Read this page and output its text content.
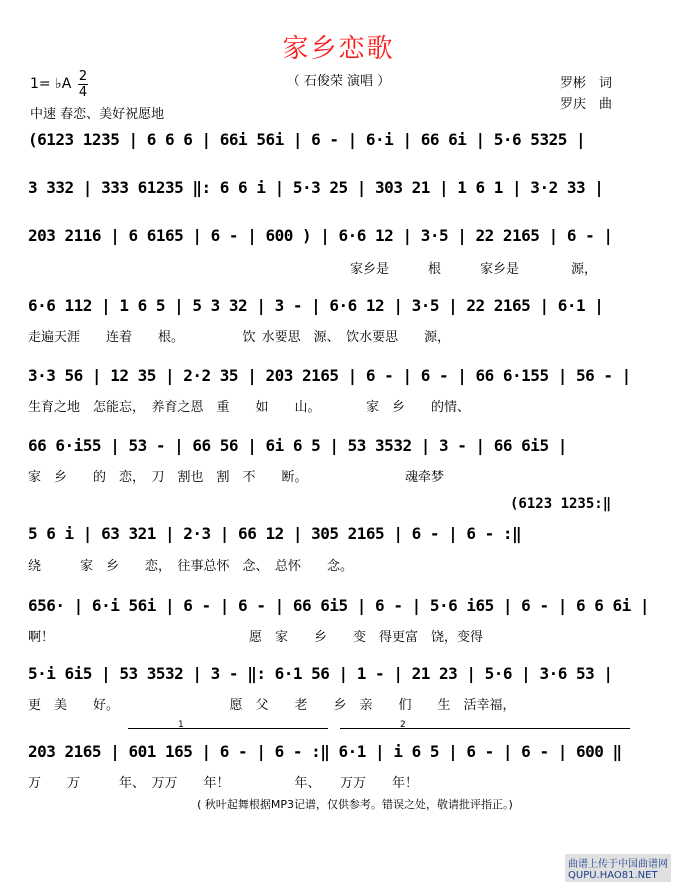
家乡恋歌
（ 石俊荣 演唱 ）	罗彬　词
罗庆　曲
1= ♭A 2
4
中速 春恋、美好祝愿地
(6123 1235 | 6 6 6 | 66i 56i | 6 - | 6·i | 66 6i | 5·6 5325 |
3 332 | 333 61235 ‖: 6 6 i | 5·3 25 | 303 21 | 1 6 1 | 3·2 33 |
203 2116 | 6 6165 | 6 - | 600 ) | 6·6 12 | 3·5 | 22 2165 | 6 - |
家乡是　　　根　　　家乡是　　　　源，
6·6 112 | 1 6 5 | 5 3 32 | 3 - | 6·6 12 | 3·5 | 22 2165 | 6·1 |
走遍天涯　　连着　　根。　　　　　饮 水要思　源、　饮水要思　　源，
3·3 56 | 12 35 | 2·2 35 | 203 2165 | 6 - | 6 - | 66 6·155 | 56 - |
生育之地　怎能忘，　养育之恩　重　　如　　山。　　　　家　乡　　的情、
66 6·i55 | 53 - | 66 56 | 6i 6 5 | 53 3532 | 3 - | 66 6i5 |
家　乡　　的　恋，　刀　割也　割　不　　断。　　　　　　　　魂牵梦
(6123 1235:‖
5 6 i | 63 321 | 2·3 | 66 12 | 305 2165 | 6 - | 6 - :‖
绕　　　家　乡　　恋，　往事总怀　念、　总怀　　念。
656· | 6·i 56i | 6 - | 6 - | 66 6i5 | 6 - | 5·6 i65 | 6 - | 6 6 6i |
啊！　　　　　　　　　　　　　　　愿　家　　乡　　变　得更富　饶，变得
5·i 6i5 | 53 3532 | 3 - ‖: 6·1 56 | 1 - | 21 23 | 5·6 | 3·6 53 |
更　美　　好。　　　　　　　　　愿　父　　老　　乡　亲　　们　　生　活幸福，
1	2
203 2165 | 601 165 | 6 - | 6 - :‖ 6·1 | i 6 5 | 6 - | 6 - | 600 ‖
万　　万　　　年、　万万　　年！　　　　　年、　　万万　　年！
( 秋叶起舞根据MP3记谱，仅供参考。错误之处，敬请批评指正。)
曲谱上传于中国曲谱网
QUPU.HAO81.NET
